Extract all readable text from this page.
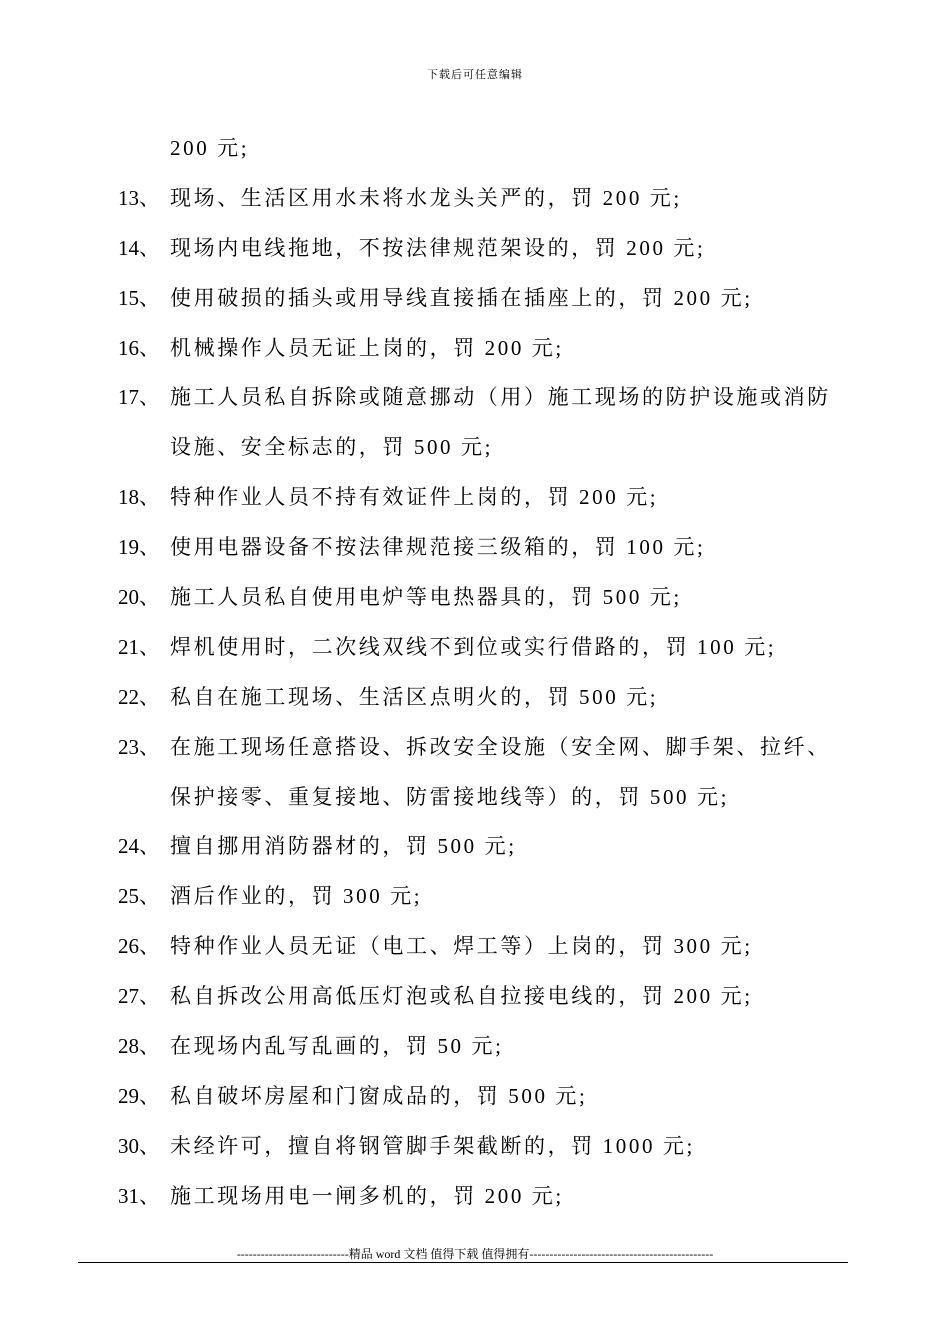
下载后可任意编辑
200 元;
13、 现场、生活区用水未将水龙头关严的，罚 200 元;
14、 现场内电线拖地，不按法律规范架设的，罚 200 元;
15、 使用破损的插头或用导线直接插在插座上的，罚 200 元;
16、 机械操作人员无证上岗的，罚 200 元;
17、 施工人员私自拆除或随意挪动（用）施工现场的防护设施或消防
设施、安全标志的，罚 500 元;
18、 特种作业人员不持有效证件上岗的，罚 200 元;
19、 使用电器设备不按法律规范接三级箱的，罚 100 元;
20、 施工人员私自使用电炉等电热器具的，罚 500 元;
21、 焊机使用时，二次线双线不到位或实行借路的，罚 100 元;
22、 私自在施工现场、生活区点明火的，罚 500 元;
23、 在施工现场任意搭设、拆改安全设施（安全网、脚手架、拉纤、
保护接零、重复接地、防雷接地线等）的，罚 500 元;
24、 擅自挪用消防器材的，罚 500 元;
25、 酒后作业的，罚 300 元;
26、 特种作业人员无证（电工、焊工等）上岗的，罚 300 元;
27、 私自拆改公用高低压灯泡或私自拉接电线的，罚 200 元;
28、 在现场内乱写乱画的，罚 50 元;
29、 私自破坏房屋和门窗成品的，罚 500 元;
30、 未经许可，擅自将钢管脚手架截断的，罚 1000 元;
31、 施工现场用电一闸多机的，罚 200 元;
----------------------------精品 word 文档 值得下载 值得拥有----------------------------------------------
